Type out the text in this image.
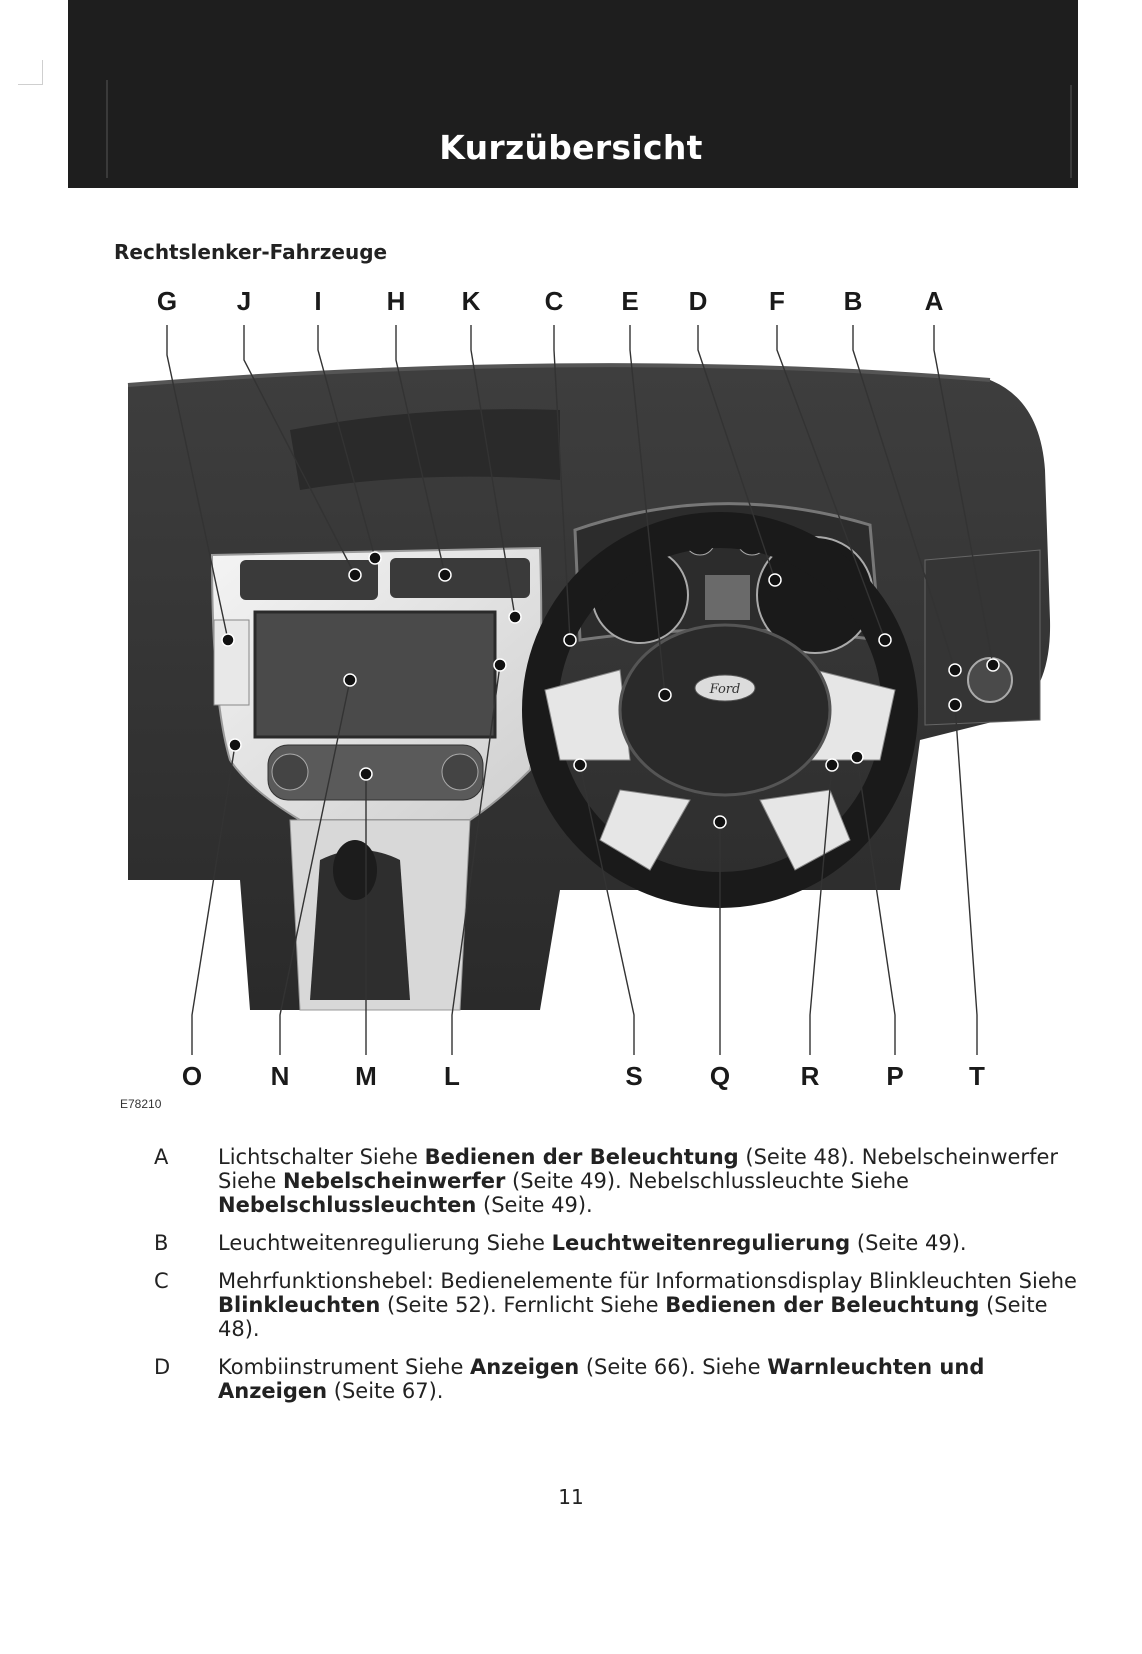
Kurzübersicht
Rechtslenker-Fahrzeuge
Ford
G J I H K C E D F B A
O	N	M	L	S	Q	R	P	T
E78210
A	Lichtschalter Siehe Bedienen der Beleuchtung (Seite 48). Nebelscheinwerfer Siehe Nebelscheinwerfer (Seite 49). Nebelschlussleuchte Siehe Nebelschlussleuchten (Seite 49).
B	Leuchtweitenregulierung Siehe Leuchtweitenregulierung (Seite 49).
C	Mehrfunktionshebel: Bedienelemente für Informationsdisplay Blinkleuchten Siehe Blinkleuchten (Seite 52). Fernlicht Siehe Bedienen der Beleuchtung (Seite 48).
D	Kombiinstrument Siehe Anzeigen (Seite 66). Siehe Warnleuchten und Anzeigen (Seite 67).
11
